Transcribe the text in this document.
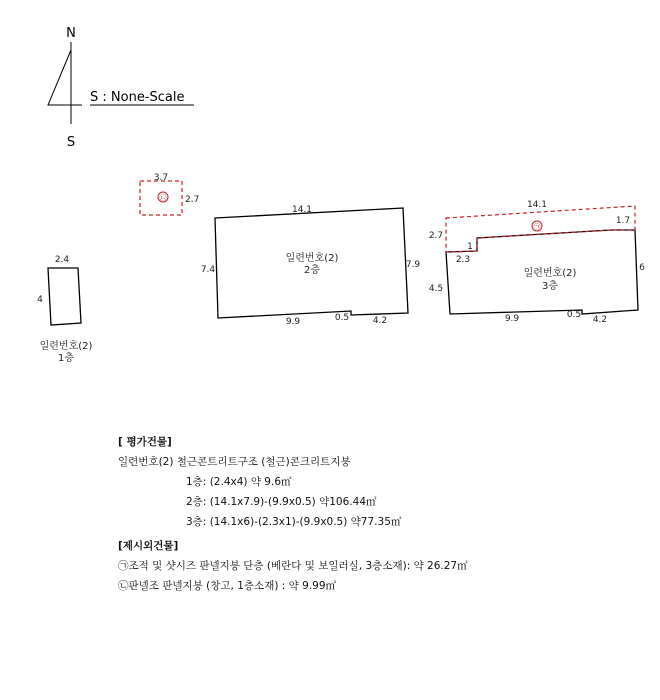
N
S
S : None-Scale
3.7
2.7
㉡
2.4
4
일련번호(2)
1층
14.1
7.4	7.9
9.9	0.5	4.2
일련번호(2)
2층
14.1
1.7
2.7
1
2.3
4.5
6
9.9	0.5 4.2
㉠
일련번호(2)
3층
[ 평가건물]
일련번호(2) 철근콘트리트구조 (철근)콘크리트지붕
1층: (2.4x4) 약 9.6㎡
2층: (14.1x7.9)-(9.9x0.5) 약106.44㎡
3층: (14.1x6)-(2.3x1)-(9.9x0.5) 약77.35㎡
[제시외건물]
㉠조적 및 샷시즈 판넬지붕 단층 (베란다 및 보일러실, 3층소재): 약 26.27㎡
㉡판넬조 판넬지붕 (창고, 1층소재) : 약 9.99㎡
